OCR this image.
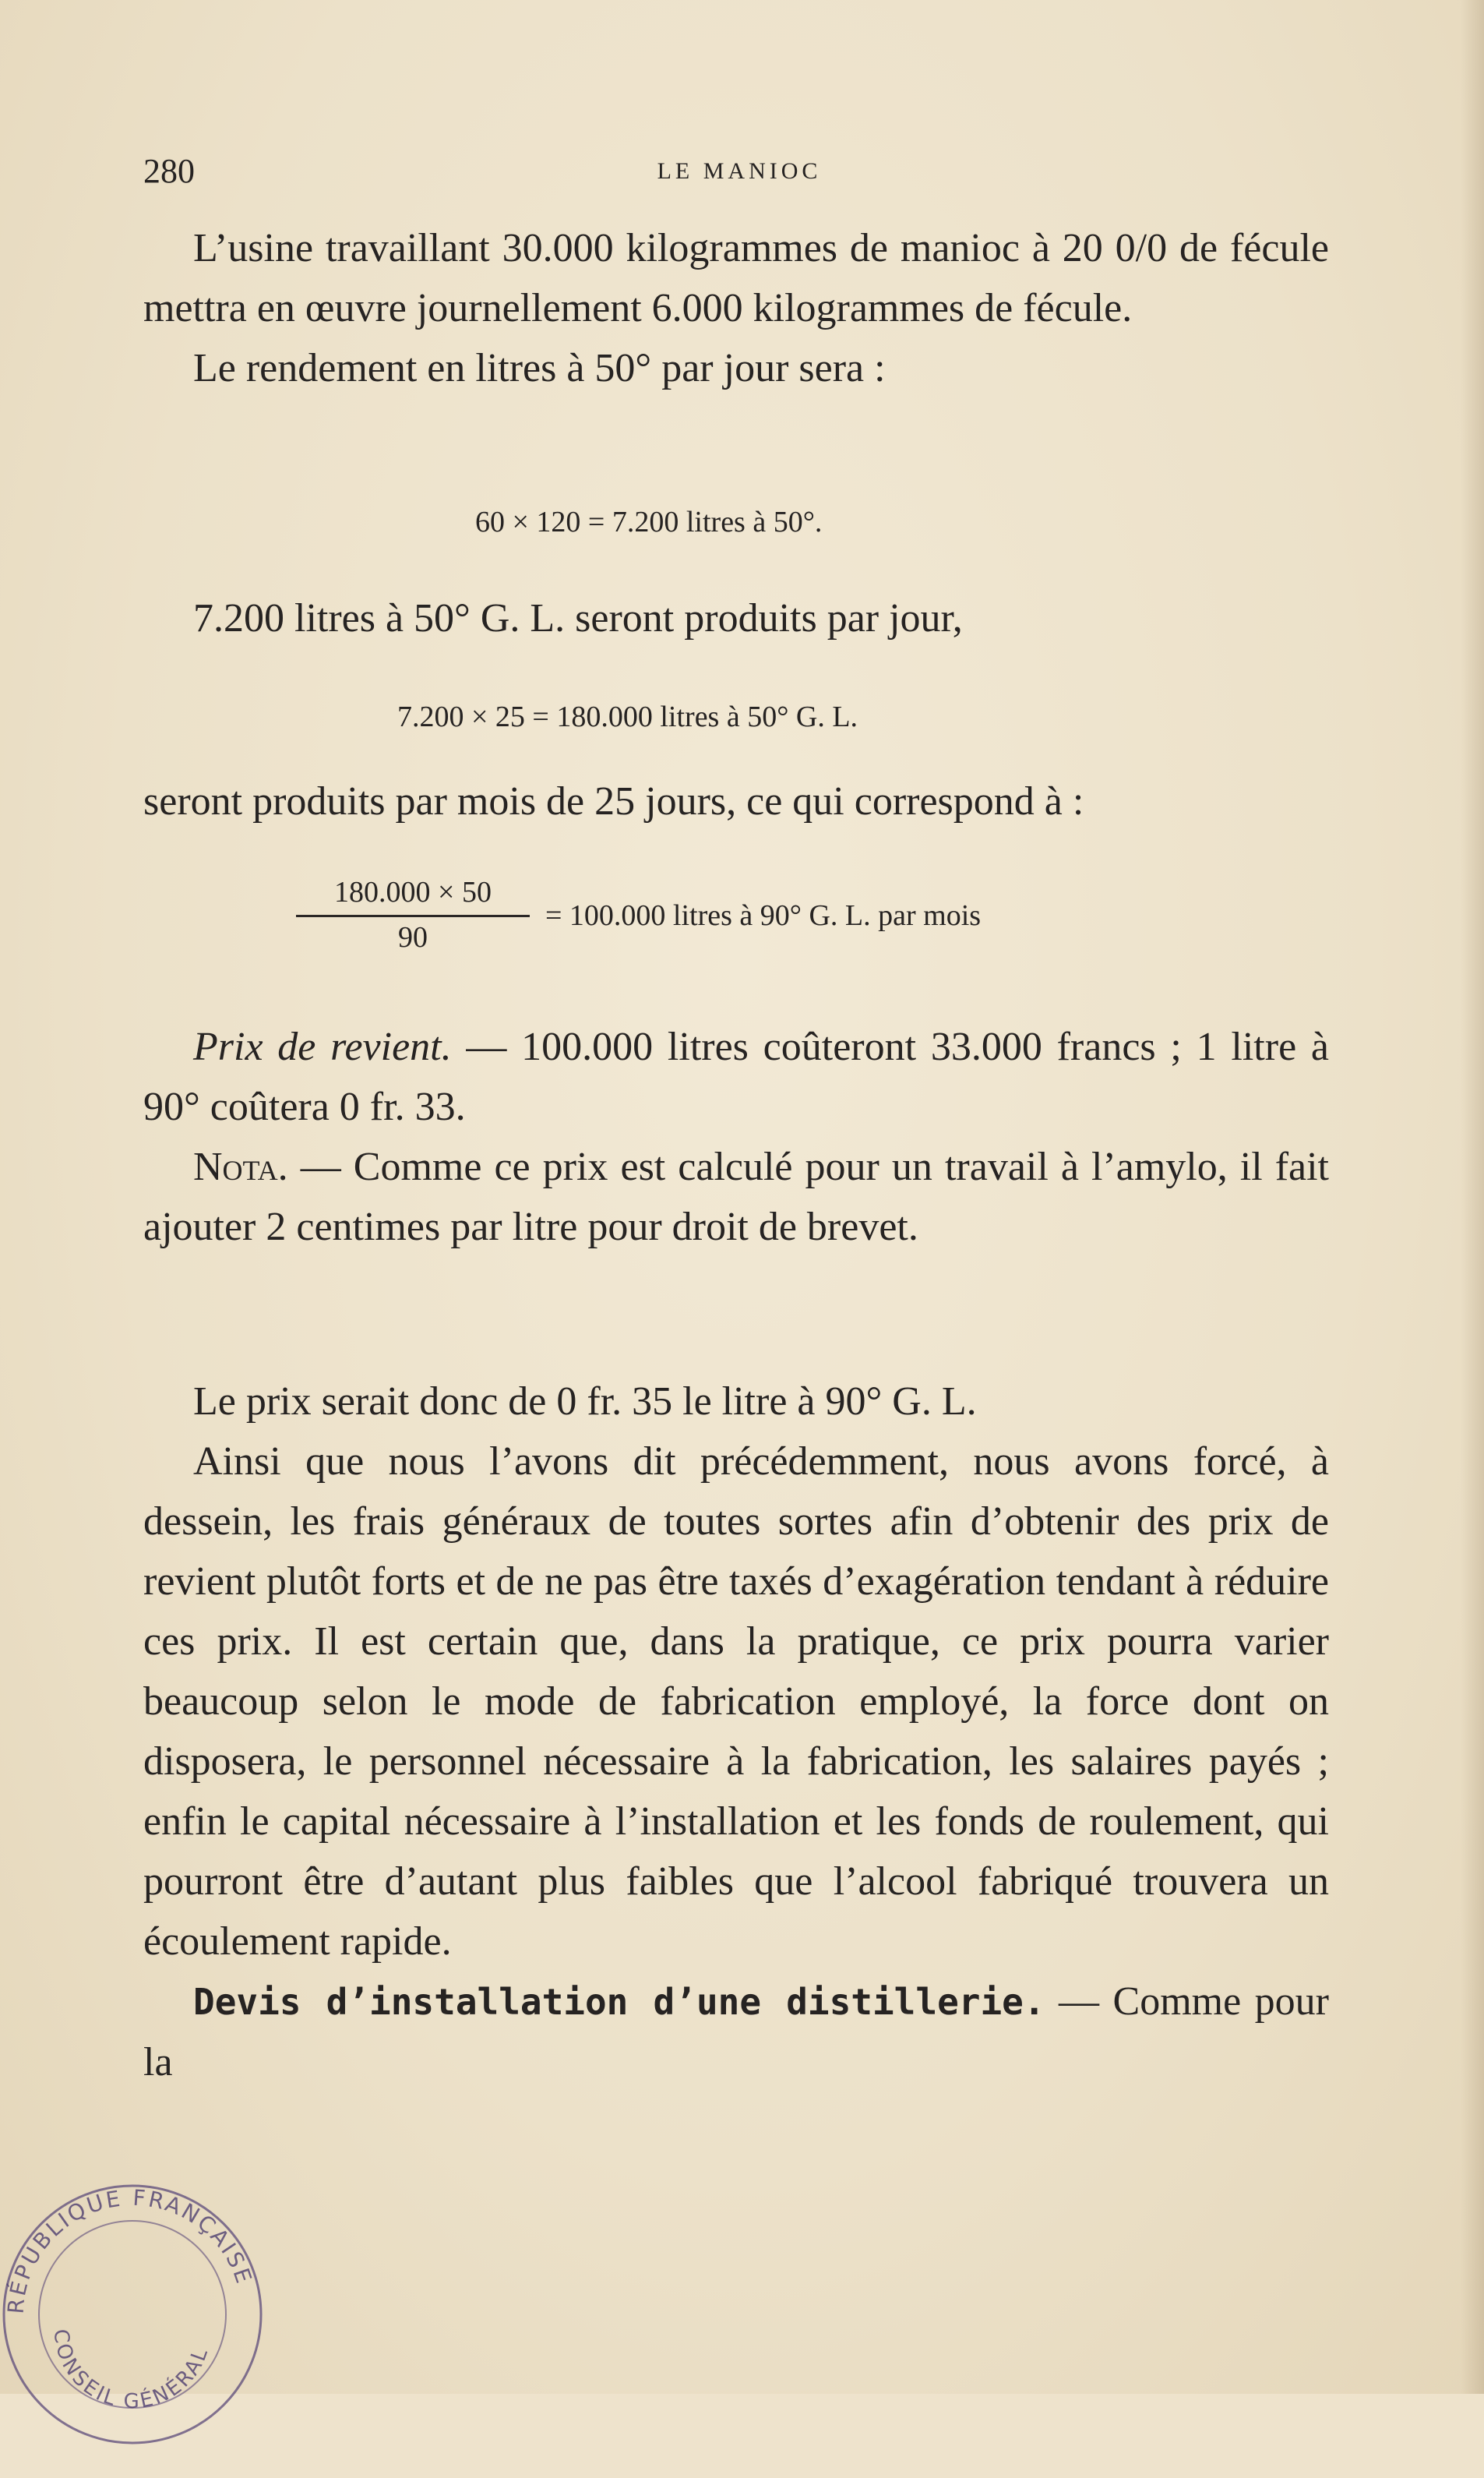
280	LE MANIOC

L’usine travaillant 30.000 kilogrammes de manioc à 20 0/0 de fécule mettra en œuvre journellement 6.000 kilogrammes de fécule.

Le rendement en litres à 50° par jour sera :

60 × 120 = 7.200 litres à 50°.

7.200 litres à 50° G. L. seront produits par jour,

7.200 × 25 = 180.000 litres à 50° G. L.

seront produits par mois de 25 jours, ce qui correspond à :

180.000 × 50
90
= 100.000 litres à 90° G. L. par mois

Prix de revient. — 100.000 litres coûteront 33.000 francs ; 1 litre à 90° coûtera 0 fr. 33.

Nota. — Comme ce prix est calculé pour un travail à l’amylo, il fait ajouter 2 centimes par litre pour droit de brevet.

Le prix serait donc de 0 fr. 35 le litre à 90° G. L.

Ainsi que nous l’avons dit précédemment, nous avons forcé, à dessein, les frais généraux de toutes sortes afin d’obtenir des prix de revient plutôt forts et de ne pas être taxés d’exagération tendant à réduire ces prix. Il est certain que, dans la pratique, ce prix pourra varier beaucoup selon le mode de fabrication employé, la force dont on disposera, le personnel nécessaire à la fabrication, les salaires payés ; enfin le capital nécessaire à l’installation et les fonds de roulement, qui pourront être d’autant plus faibles que l’alcool fabriqué trouvera un écoulement rapide.

Devis d’installation d’une distillerie. — Comme pour la

RÉPUBLIQUE FRANÇAISE
CONSEIL GÉNÉRAL
